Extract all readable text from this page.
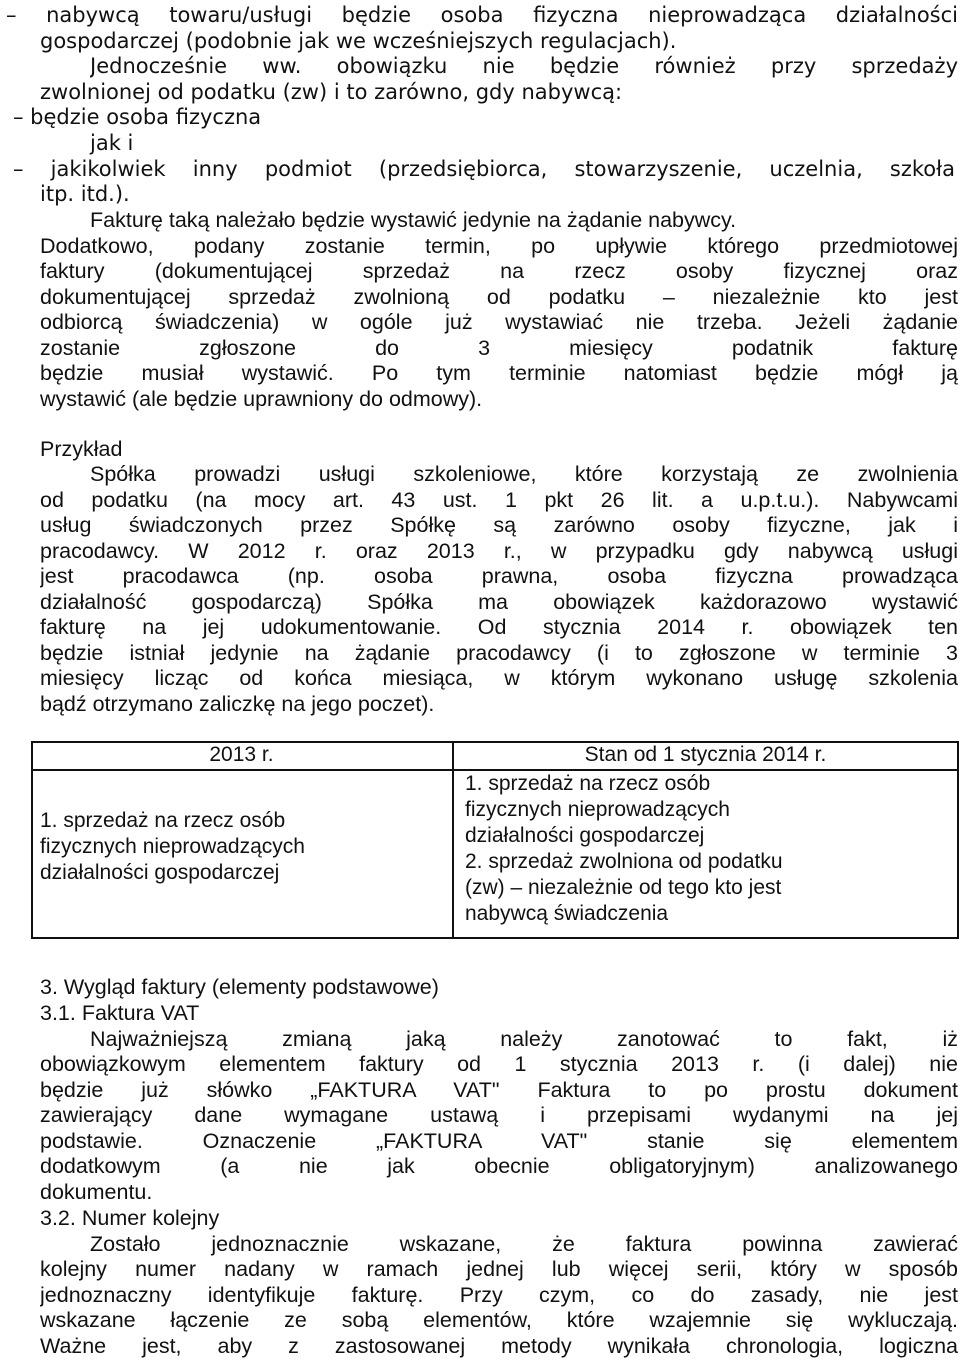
– nabywcą towaru/usługi będzie osoba fizyczna nieprowadząca działalności
gospodarczej (podobnie jak we wcześniejszych regulacjach).
Jednocześnie ww. obowiązku nie będzie również przy sprzedaży
zwolnionej od podatku (zw) i to zarówno, gdy nabywcą:
– będzie osoba fizyczna
jak i
– jakikolwiek inny podmiot (przedsiębiorca, stowarzyszenie, uczelnia, szkoła
itp. itd.).
Fakturę taką należało będzie wystawić jedynie na żądanie nabywcy.
Dodatkowo, podany zostanie termin, po upływie którego przedmiotowej
faktury (dokumentującej sprzedaż na rzecz osoby fizycznej oraz
dokumentującej sprzedaż zwolnioną od podatku – niezależnie kto jest
odbiorcą świadczenia) w ogóle już wystawiać nie trzeba. Jeżeli żądanie
zostanie zgłoszone do 3 miesięcy podatnik fakturę
będzie musiał wystawić. Po tym terminie natomiast będzie mógł ją
wystawić (ale będzie uprawniony do odmowy).
Przykład
Spółka prowadzi usługi szkoleniowe, które korzystają ze zwolnienia
od podatku (na mocy art. 43 ust. 1 pkt 26 lit. a u.p.t.u.). Nabywcami
usług świadczonych przez Spółkę są zarówno osoby fizyczne, jak i
pracodawcy. W 2012 r. oraz 2013 r., w przypadku gdy nabywcą usługi
jest pracodawca (np. osoba prawna, osoba fizyczna prowadząca
działalność gospodarczą) Spółka ma obowiązek każdorazowo wystawić
fakturę na jej udokumentowanie. Od stycznia 2014 r. obowiązek ten
będzie istniał jedynie na żądanie pracodawcy (i to zgłoszone w terminie 3
miesięcy licząc od końca miesiąca, w którym wykonano usługę szkolenia
bądź otrzymano zaliczkę na jego poczet).
2013 r.	Stan od 1 stycznia 2014 r.
1. sprzedaż na rzecz osób
fizycznych nieprowadzących
działalności gospodarczej
1. sprzedaż na rzecz osób
fizycznych nieprowadzących
działalności gospodarczej
2. sprzedaż zwolniona od podatku
(zw) – niezależnie od tego kto jest
nabywcą świadczenia
3. Wygląd faktury (elementy podstawowe)
3.1. Faktura VAT
Najważniejszą zmianą jaką należy zanotować to fakt, iż
obowiązkowym elementem faktury od 1 stycznia 2013 r. (i dalej) nie
będzie już słówko „FAKTURA VAT" Faktura to po prostu dokument
zawierający dane wymagane ustawą i przepisami wydanymi na jej
podstawie. Oznaczenie „FAKTURA VAT" stanie się elementem
dodatkowym (a nie jak obecnie obligatoryjnym) analizowanego
dokumentu.
3.2. Numer kolejny
Zostało jednoznacznie wskazane, że faktura powinna zawierać
kolejny numer nadany w ramach jednej lub więcej serii, który w sposób
jednoznaczny identyfikuje fakturę. Przy czym, co do zasady, nie jest
wskazane łączenie ze sobą elementów, które wzajemnie się wykluczają.
Ważne jest, aby z zastosowanej metody wynikała chronologia, logiczna
